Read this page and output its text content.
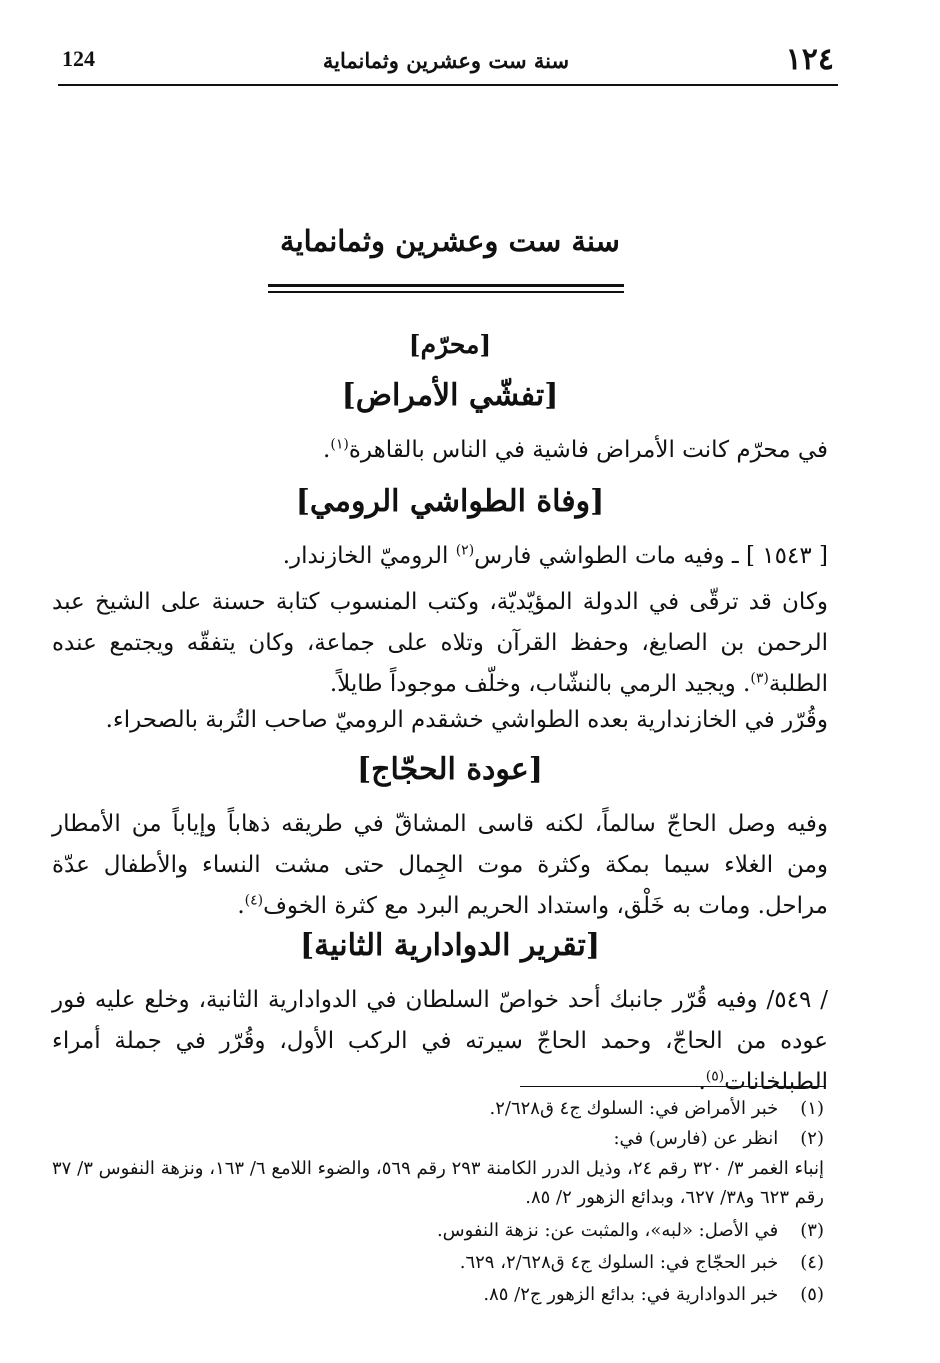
١٢٤
سنة ست وعشرين وثمانماية
124
سنة ست وعشرين وثمانماية
[محرّم]
[تفشّي الأمراض]
في محرّم كانت الأمراض فاشية في الناس بالقاهرة$^{(١)}$.
[وفاة الطواشي الرومي]
[ ١٥٤٣ ] ـ وفيه مات الطواشي فارس$^{(٢)}$ الروميّ الخازندار.
وكان قد ترقّى في الدولة المؤيّديّة، وكتب المنسوب كتابة حسنة على الشيخ عبد الرحمن بن الصايغ، وحفظ القرآن وتلاه على جماعة، وكان يتفقّه ويجتمع عنده الطلبة$^{(٣)}$. ويجيد الرمي بالنشّاب، وخلّف موجوداً طايلاً.
وقُرّر في الخازندارية بعده الطواشي خشقدم الروميّ صاحب التُربة بالصحراء.
[عودة الحجّاج]
وفيه وصل الحاجّ سالماً، لكنه قاسى المشاقّ في طريقه ذهاباً وإياباً من الأمطار ومن الغلاء سيما بمكة وكثرة موت الجِمال حتى مشت النساء والأطفال عدّة مراحل. ومات به خَلْق، واستداد الحريم البرد مع كثرة الخوف$^{(٤)}$.
[تقرير الدوادارية الثانية]
/ ٥٤٩/ وفيه قُرّر جانبك أحد خواصّ السلطان في الدوادارية الثانية، وخلع عليه فور عوده من الحاجّ، وحمد الحاجّ سيرته في الركب الأول، وقُرّر في جملة أمراء الطبلخانات$^{(٥)}$.
(١) خبر الأمراض في: السلوك ج٤ ق٢/٦٢٨.
(٢) انظر عن (فارس) في:
إنباء الغمر ٣/ ٣٢٠ رقم ٢٤، وذيل الدرر الكامنة ٢٩٣ رقم ٥٦٩، والضوء اللامع ٦/ ١٦٣، ونزهة النفوس ٣/ ٣٧ رقم ٦٢٣ و٣٨/ ٦٢٧، وبدائع الزهور ٢/ ٨٥.
(٣) في الأصل: «لبه»، والمثبت عن: نزهة النفوس.
(٤) خبر الحجّاج في: السلوك ج٤ ق٢/٦٢٨، ٦٢٩.
(٥) خبر الدوادارية في: بدائع الزهور ج٢/ ٨٥.
